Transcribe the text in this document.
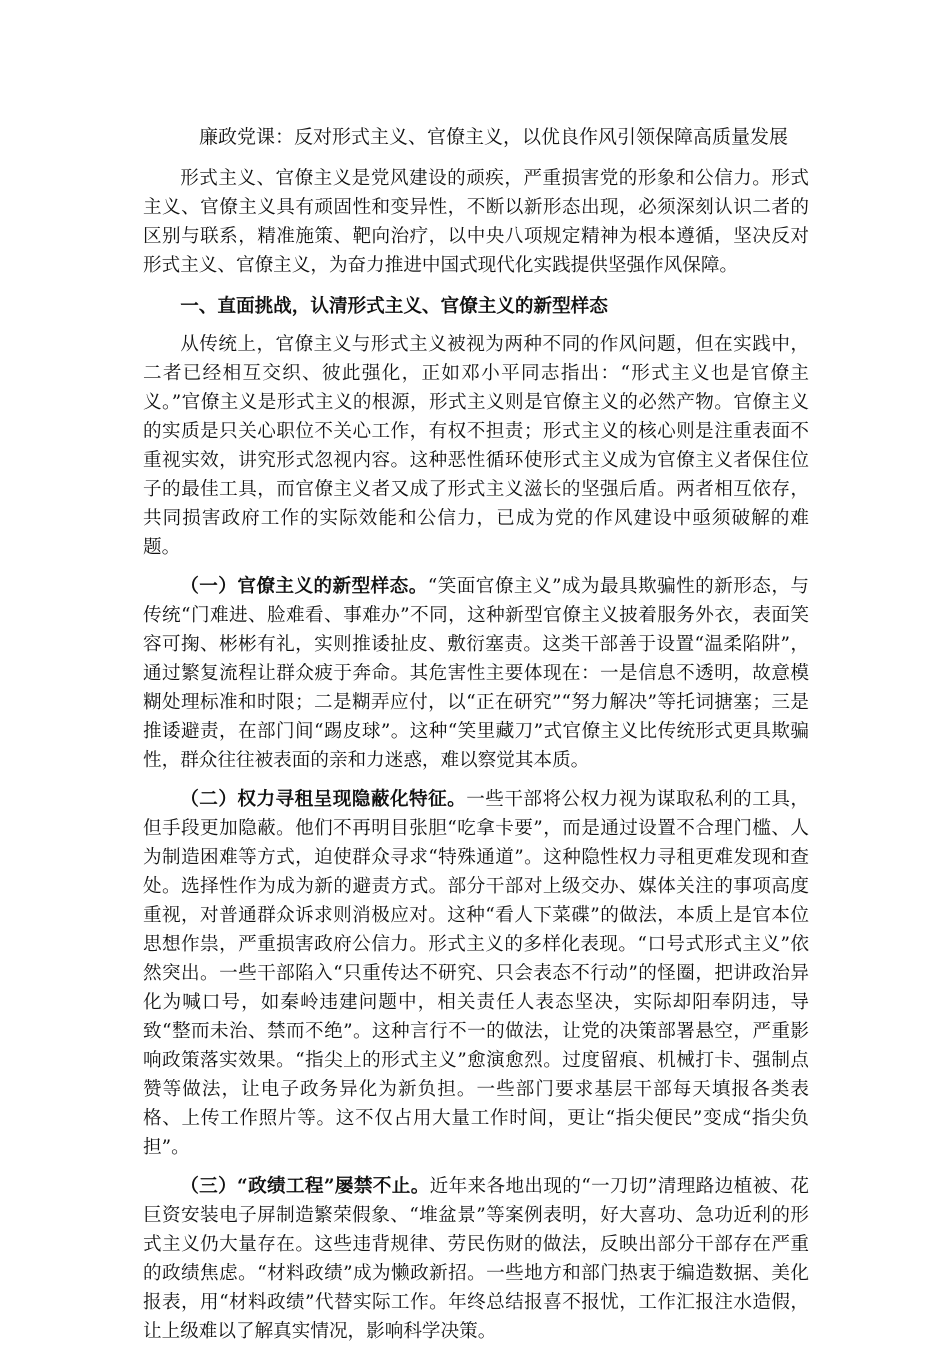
廉政党课：反对形式主义、官僚主义，以优良作风引领保障高质量发展

形式主义、官僚主义是党风建设的顽疾，严重损害党的形象和公信力。形式主义、官僚主义具有顽固性和变异性，不断以新形态出现，必须深刻认识二者的区别与联系，精准施策、靶向治疗，以中央八项规定精神为根本遵循，坚决反对形式主义、官僚主义，为奋力推进中国式现代化实践提供坚强作风保障。

一、直面挑战，认清形式主义、官僚主义的新型样态

从传统上，官僚主义与形式主义被视为两种不同的作风问题，但在实践中，二者已经相互交织、彼此强化，正如邓小平同志指出：“形式主义也是官僚主义。”官僚主义是形式主义的根源，形式主义则是官僚主义的必然产物。官僚主义的实质是只关心职位不关心工作，有权不担责；形式主义的核心则是注重表面不重视实效，讲究形式忽视内容。这种恶性循环使形式主义成为官僚主义者保住位子的最佳工具，而官僚主义者又成了形式主义滋长的坚强后盾。两者相互依存，共同损害政府工作的实际效能和公信力，已成为党的作风建设中亟须破解的难题。

（一）官僚主义的新型样态。“笑面官僚主义”成为最具欺骗性的新形态，与传统“门难进、脸难看、事难办”不同，这种新型官僚主义披着服务外衣，表面笑容可掬、彬彬有礼，实则推诿扯皮、敷衍塞责。这类干部善于设置“温柔陷阱”，通过繁复流程让群众疲于奔命。其危害性主要体现在：一是信息不透明，故意模糊处理标准和时限；二是糊弄应付，以“正在研究”“努力解决”等托词搪塞；三是推诿避责，在部门间“踢皮球”。这种“笑里藏刀”式官僚主义比传统形式更具欺骗性，群众往往被表面的亲和力迷惑，难以察觉其本质。

（二）权力寻租呈现隐蔽化特征。一些干部将公权力视为谋取私利的工具，但手段更加隐蔽。他们不再明目张胆“吃拿卡要”，而是通过设置不合理门槛、人为制造困难等方式，迫使群众寻求“特殊通道”。这种隐性权力寻租更难发现和查处。选择性作为成为新的避责方式。部分干部对上级交办、媒体关注的事项高度重视，对普通群众诉求则消极应对。这种“看人下菜碟”的做法，本质上是官本位思想作祟，严重损害政府公信力。形式主义的多样化表现。“口号式形式主义”依然突出。一些干部陷入“只重传达不研究、只会表态不行动”的怪圈，把讲政治异化为喊口号，如秦岭违建问题中，相关责任人表态坚决，实际却阳奉阴违，导致“整而未治、禁而不绝”。这种言行不一的做法，让党的决策部署悬空，严重影响政策落实效果。“指尖上的形式主义”愈演愈烈。过度留痕、机械打卡、强制点赞等做法，让电子政务异化为新负担。一些部门要求基层干部每天填报各类表格、上传工作照片等。这不仅占用大量工作时间，更让“指尖便民”变成“指尖负担”。

（三）“政绩工程”屡禁不止。近年来各地出现的“一刀切”清理路边植被、花巨资安装电子屏制造繁荣假象、“堆盆景”等案例表明，好大喜功、急功近利的形式主义仍大量存在。这些违背规律、劳民伤财的做法，反映出部分干部存在严重的政绩焦虑。“材料政绩”成为懒政新招。一些地方和部门热衷于编造数据、美化报表，用“材料政绩”代替实际工作。年终总结报喜不报忧，工作汇报注水造假，让上级难以了解真实情况，影响科学决策。
